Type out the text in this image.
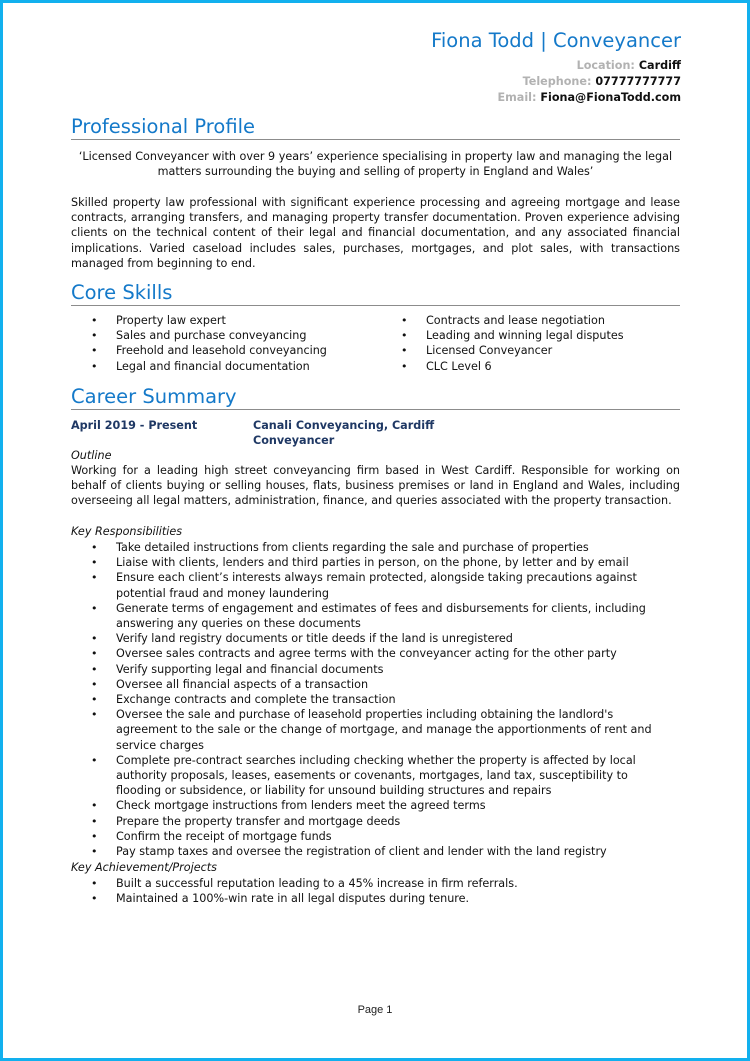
Fiona Todd | Conveyancer
Location: Cardiff
Telephone: 07777777777
Email: Fiona@FionaTodd.com
Professional Profile
‘Licensed Conveyancer with over 9 years’ experience specialising in property law and managing the legal matters surrounding the buying and selling of property in England and Wales’
Skilled property law professional with significant experience processing and agreeing mortgage and lease contracts, arranging transfers, and managing property transfer documentation. Proven experience advising clients on the technical content of their legal and financial documentation, and any associated financial implications. Varied caseload includes sales, purchases, mortgages, and plot sales, with transactions managed from beginning to end.
Core Skills
• Property law expert
• Sales and purchase conveyancing
• Freehold and leasehold conveyancing
• Legal and financial documentation
• Contracts and lease negotiation
• Leading and winning legal disputes
• Licensed Conveyancer
• CLC Level 6
Career Summary
April 2019 - Present	Canali Conveyancing, Cardiff
Conveyancer
Outline
Working for a leading high street conveyancing firm based in West Cardiff. Responsible for working on behalf of clients buying or selling houses, flats, business premises or land in England and Wales, including overseeing all legal matters, administration, finance, and queries associated with the property transaction.
Key Responsibilities
• Take detailed instructions from clients regarding the sale and purchase of properties
• Liaise with clients, lenders and third parties in person, on the phone, by letter and by email
• Ensure each client’s interests always remain protected, alongside taking precautions against potential fraud and money laundering
• Generate terms of engagement and estimates of fees and disbursements for clients, including answering any queries on these documents
• Verify land registry documents or title deeds if the land is unregistered
• Oversee sales contracts and agree terms with the conveyancer acting for the other party
• Verify supporting legal and financial documents
• Oversee all financial aspects of a transaction
• Exchange contracts and complete the transaction
• Oversee the sale and purchase of leasehold properties including obtaining the landlord's agreement to the sale or the change of mortgage, and manage the apportionments of rent and service charges
• Complete pre-contract searches including checking whether the property is affected by local authority proposals, leases, easements or covenants, mortgages, land tax, susceptibility to flooding or subsidence, or liability for unsound building structures and repairs
• Check mortgage instructions from lenders meet the agreed terms
• Prepare the property transfer and mortgage deeds
• Confirm the receipt of mortgage funds
• Pay stamp taxes and oversee the registration of client and lender with the land registry
Key Achievement/Projects
• Built a successful reputation leading to a 45% increase in firm referrals.
• Maintained a 100%-win rate in all legal disputes during tenure.
Page 1
